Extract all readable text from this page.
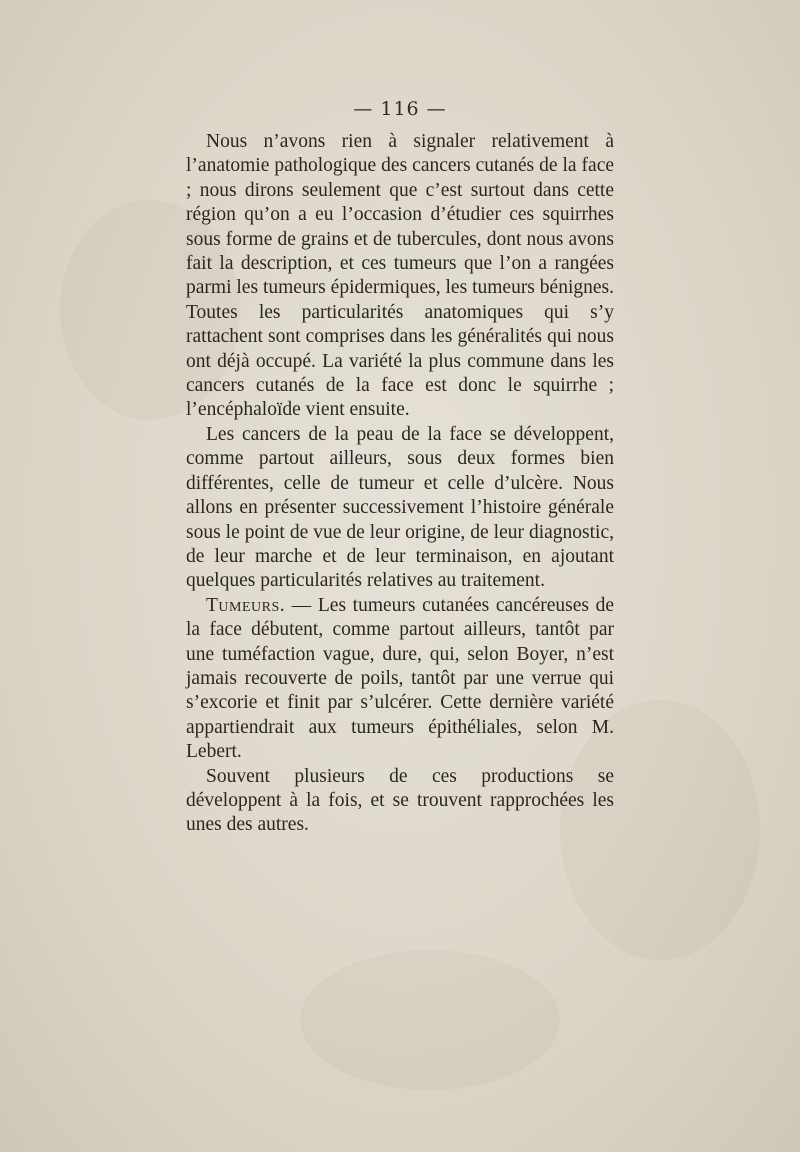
— 116 —

Nous n’avons rien à signaler relativement à l’anatomie pathologique des cancers cutanés de la face ; nous dirons seulement que c’est surtout dans cette région qu’on a eu l’occasion d’étudier ces squirrhes sous forme de grains et de tubercules, dont nous avons fait la description, et ces tumeurs que l’on a rangées parmi les tumeurs épidermiques, les tumeurs bénignes. Toutes les particularités anatomiques qui s’y rattachent sont comprises dans les généralités qui nous ont déjà occupé. La variété la plus commune dans les cancers cutanés de la face est donc le squirrhe ; l’encéphaloïde vient ensuite.

Les cancers de la peau de la face se développent, comme partout ailleurs, sous deux formes bien différentes, celle de tumeur et celle d’ulcère. Nous allons en présenter successivement l’histoire générale sous le point de vue de leur origine, de leur diagnostic, de leur marche et de leur terminaison, en ajoutant quelques particularités relatives au traitement.

Tumeurs. — Les tumeurs cutanées cancéreuses de la face débutent, comme partout ailleurs, tantôt par une tuméfaction vague, dure, qui, selon Boyer, n’est jamais recouverte de poils, tantôt par une verrue qui s’excorie et finit par s’ulcérer. Cette dernière variété appartiendrait aux tumeurs épithéliales, selon M. Lebert.

Souvent plusieurs de ces productions se développent à la fois, et se trouvent rapprochées les unes des autres.
